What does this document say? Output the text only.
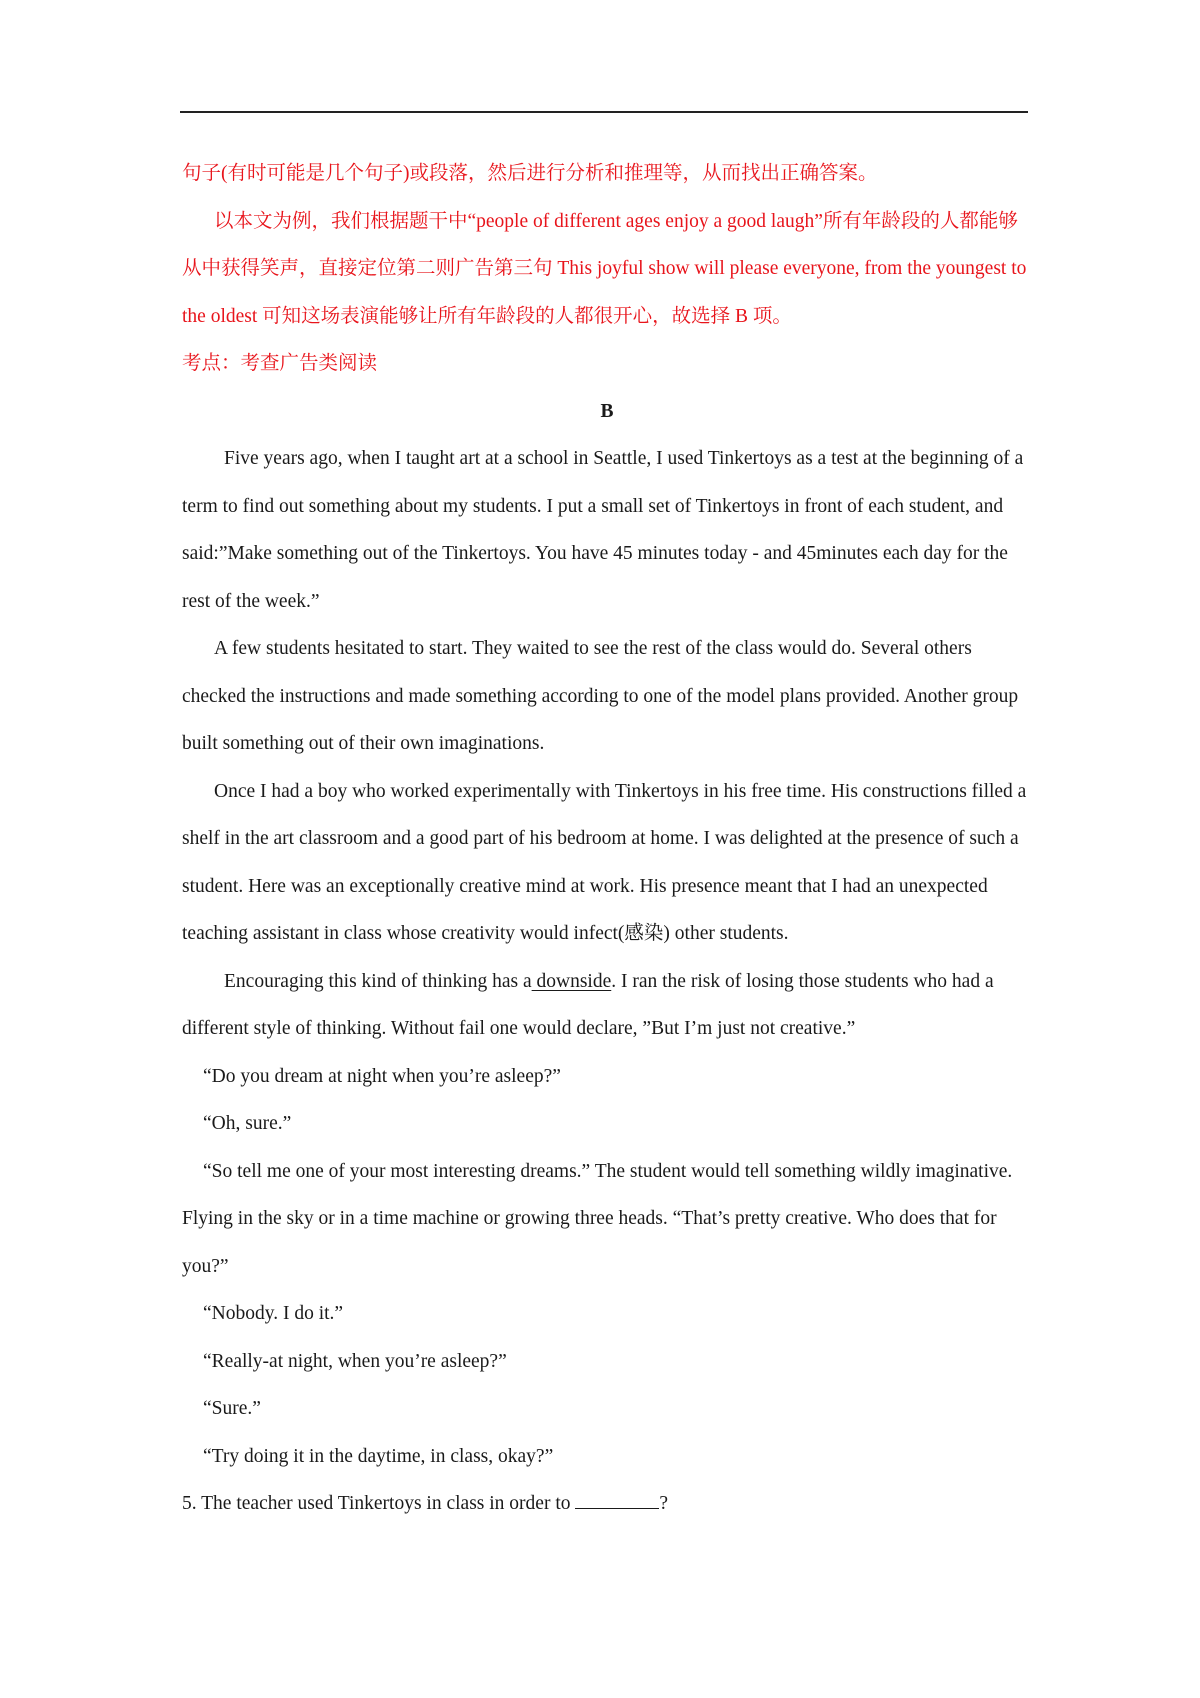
句子(有时可能是几个句子)或段落，然后进行分析和推理等，从而找出正确答案。

以本文为例，我们根据题干中“people of different ages enjoy a good laugh”所有年龄段的人都能够从中获得笑声，直接定位第二则广告第三句 This joyful show will please everyone, from the youngest to the oldest 可知这场表演能够让所有年龄段的人都很开心，故选择 B 项。

考点：考查广告类阅读

B

Five years ago, when I taught art at a school in Seattle, I used Tinkertoys as a test at the beginning of a term to find out something about my students. I put a small set of Tinkertoys in front of each student, and said:”Make something out of the Tinkertoys. You have 45 minutes today - and 45minutes each day for the rest of the week.”

A few students hesitated to start. They waited to see the rest of the class would do. Several others checked the instructions and made something according to one of the model plans provided. Another group built something out of their own imaginations.

Once I had a boy who worked experimentally with Tinkertoys in his free time. His constructions filled a shelf in the art classroom and a good part of his bedroom at home. I was delighted at the presence of such a student. Here was an exceptionally creative mind at work. His presence meant that I had an unexpected teaching assistant in class whose creativity would infect(感染) other students.

Encouraging this kind of thinking has a downside. I ran the risk of losing those students who had a different style of thinking. Without fail one would declare, ”But I’m just not creative.”

“Do you dream at night when you’re asleep?”

“Oh, sure.”

“So tell me one of your most interesting dreams.” The student would tell something wildly imaginative. Flying in the sky or in a time machine or growing three heads. “That’s pretty creative. Who does that for you?”

“Nobody. I do it.”

“Really-at night, when you’re asleep?”

“Sure.”

“Try doing it in the daytime, in class, okay?”

5. The teacher used Tinkertoys in class in order to	?
